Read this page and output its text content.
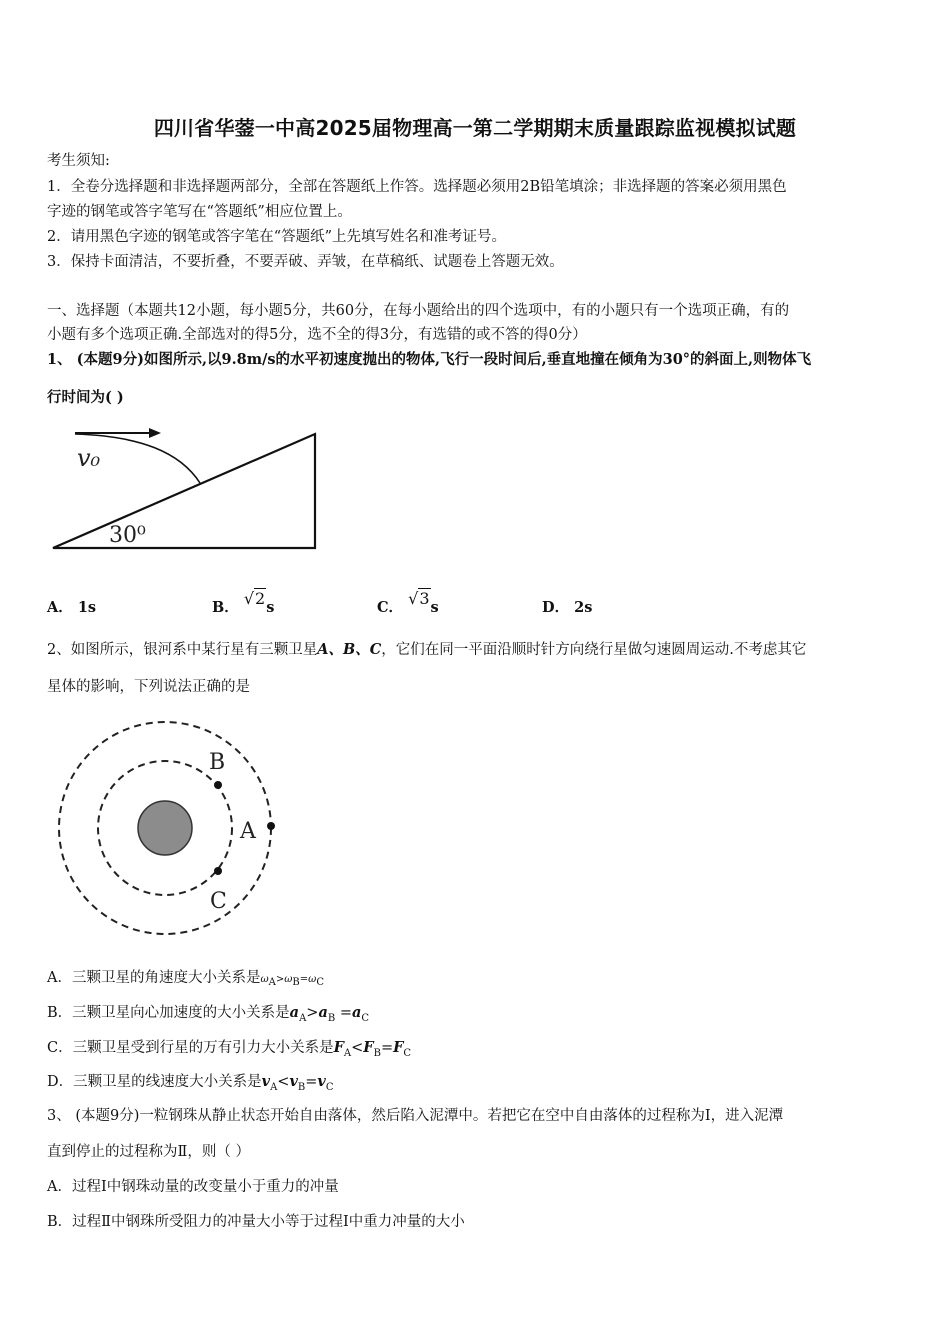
四川省华蓥一中高2025届物理高一第二学期期末质量跟踪监视模拟试题
考生须知:
1．全卷分选择题和非选择题两部分，全部在答题纸上作答。选择题必须用2B铅笔填涂；非选择题的答案必须用黑色
字迹的钢笔或答字笔写在“答题纸”相应位置上。
2．请用黑色字迹的钢笔或答字笔在“答题纸”上先填写姓名和准考证号。
3．保持卡面清洁，不要折叠，不要弄破、弄皱，在草稿纸、试题卷上答题无效。
一、选择题（本题共12小题，每小题5分，共60分，在每小题给出的四个选项中，有的小题只有一个选项正确，有的
小题有多个选项正确.全部选对的得5分，选不全的得3分，有选错的或不答的得0分）
1、 (本题9分)如图所示,以9.8m/s的水平初速度抛出的物体,飞行一段时间后,垂直地撞在倾角为30°的斜面上,则物体飞
行时间为( )
v₀
30⁰
A． 1s	B． √2s	C． √3s	D． 2s
2、如图所示，银河系中某行星有三颗卫星A、B、C，它们在同一平面沿顺时针方向绕行星做匀速圆周运动.不考虑其它
星体的影响，下列说法正确的是
A
B
C
A．三颗卫星的角速度大小关系是$\omega_A>\omega_B=\omega_C$
B．三颗卫星向心加速度的大小关系是$a_A>a_B =a_C$
C．三颗卫星受到行星的万有引力大小关系是$F_A<F_B=F_C$
D．三颗卫星的线速度大小关系是$v_A<v_B=v_C$
3、 (本题9分)一粒钢珠从静止状态开始自由落体，然后陷入泥潭中。若把它在空中自由落体的过程称为Ⅰ，进入泥潭
直到停止的过程称为Ⅱ，则（ ）
A．过程Ⅰ中钢珠动量的改变量小于重力的冲量
B．过程Ⅱ中钢珠所受阻力的冲量大小等于过程Ⅰ中重力冲量的大小
